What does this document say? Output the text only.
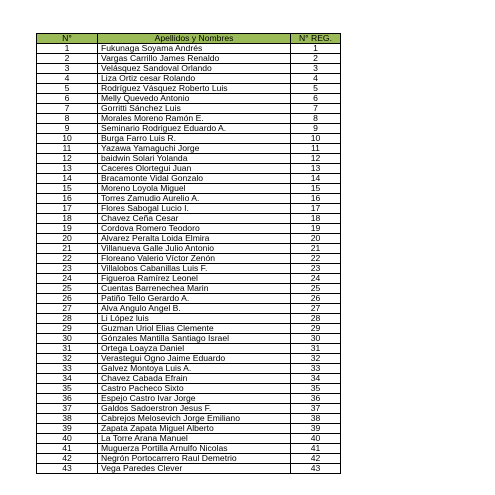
N°	Apellidos y Nombres	N° REG.
1	Fukunaga Soyama Andrés	1
2	Vargas Carrillo James Renaldo	2
3	Velásquez Sandoval Orlando	3
4	Liza Ortiz cesar Rolando	4
5	Rodríguez Vásquez Roberto Luis	5
6	Melly Quevedo Antonio	6
7	Gorritti Sánchez Luis	7
8	Morales Moreno Ramón E.	8
9	Seminario Rodriguez Eduardo A.	9
10	Burga Farro Luis R.	10
11	Yazawa Yamaguchi Jorge	11
12	baidwin Solari Yolanda	12
13	Caceres Olortegui Juan	13
14	Bracamonte Vidal Gonzalo	14
15	Moreno Loyola Miguel	15
16	Torres Zamudio Aurelio A.	16
17	Flores Sabogal Lucio I.	17
18	Chavez Ceña Cesar	18
19	Cordova Romero Teodoro	19
20	Alvarez Peralta Loida Elmira	20
21	Villanueva Galle Julio Antonio	21
22	Floreano Valerio Víctor Zenón	22
23	Villalobos Cabanillas Luis F.	23
24	Figueroa Ramírez Leonel	24
25	Cuentas Barrenechea Marin	25
26	Patiño Tello Gerardo A.	26
27	Alva Angulo Angel B.	27
28	Li López luis	28
29	Guzman Uriol Elias Clemente	29
30	Gónzales Mantilla Santiago Israel	30
31	Ortega Loayza Daniel	31
32	Verastegui Ogno Jaime Eduardo	32
33	Galvez Montoya Luis A.	33
34	Chavez Cabada Efrain	34
35	Castro Pacheco Sixto	35
36	Espejo Castro Ivar Jorge	36
37	Galdos Sadoerstron Jesus F.	37
38	Cabrejos Melosevich Jorge Emiliano	38
39	Zapata Zapata Miguel Alberto	39
40	La Torre Arana Manuel	40
41	Muguerza Portilla Arnulfo Nicolas	41
42	Negrón Portocarrero Raul Demetrio	42
43	Vega Paredes Clever	43
